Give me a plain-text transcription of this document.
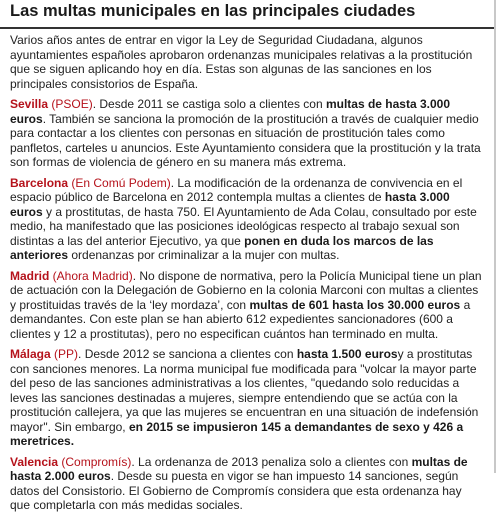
Las multas municipales en las principales ciudades

Varios años antes de entrar en vigor la Ley de Seguridad Ciudadana, algunos ayuntamientes españoles aprobaron ordenanzas municipales relativas a la prostitución que se siguen aplicando hoy en día. Estas son algunas de las sanciones en los principales consistorios de España.

Sevilla (PSOE). Desde 2011 se castiga solo a clientes con multas de hasta 3.000 euros. También se sanciona la promoción de la prostitución a través de cualquier medio para contactar a los clientes con personas en situación de prostitución tales como panfletos, carteles u anuncios. Este Ayuntamiento considera que la prostitución y la trata son formas de violencia de género en su manera más extrema.

Barcelona (En Comú Podem). La modificación de la ordenanza de convivencia en el espacio público de Barcelona en 2012 contempla multas a clientes de hasta 3.000 euros y a prostitutas, de hasta 750. El Ayuntamiento de Ada Colau, consultado por este medio, ha manifestado que las posiciones ideológicas respecto al trabajo sexual son distintas a las del anterior Ejecutivo, ya que ponen en duda los marcos de las anteriores ordenanzas por criminalizar a la mujer con multas.

Madrid (Ahora Madrid). No dispone de normativa, pero la Policía Municipal tiene un plan de actuación con la Delegación de Gobierno en la colonia Marconi con multas a clientes y prostituidas través de la ‘ley mordaza’, con multas de 601 hasta los 30.000 euros a demandantes. Con este plan se han abierto 612 expedientes sancionadores (600 a clientes y 12 a prostitutas), pero no especifican cuántos han terminado en multa.

Málaga (PP). Desde 2012 se sanciona a clientes con hasta 1.500 eurosy a prostitutas con sanciones menores. La norma municipal fue modificada para "volcar la mayor parte del peso de las sanciones administrativas a los clientes, "quedando solo reducidas a leves las sanciones destinadas a mujeres, siempre entendiendo que se actúa con la prostitución callejera, ya que las mujeres se encuentran en una situación de indefensión mayor". Sin embargo, en 2015 se impusieron 145 a demandantes de sexo y 426 a meretrices.

Valencia (Compromís). La ordenanza de 2013 penaliza solo a clientes con multas de hasta 2.000 euros. Desde su puesta en vigor se han impuesto 14 sanciones, según datos del Consistorio. El Gobierno de Compromís considera que esta ordenanza hay que completarla con más medidas sociales.
